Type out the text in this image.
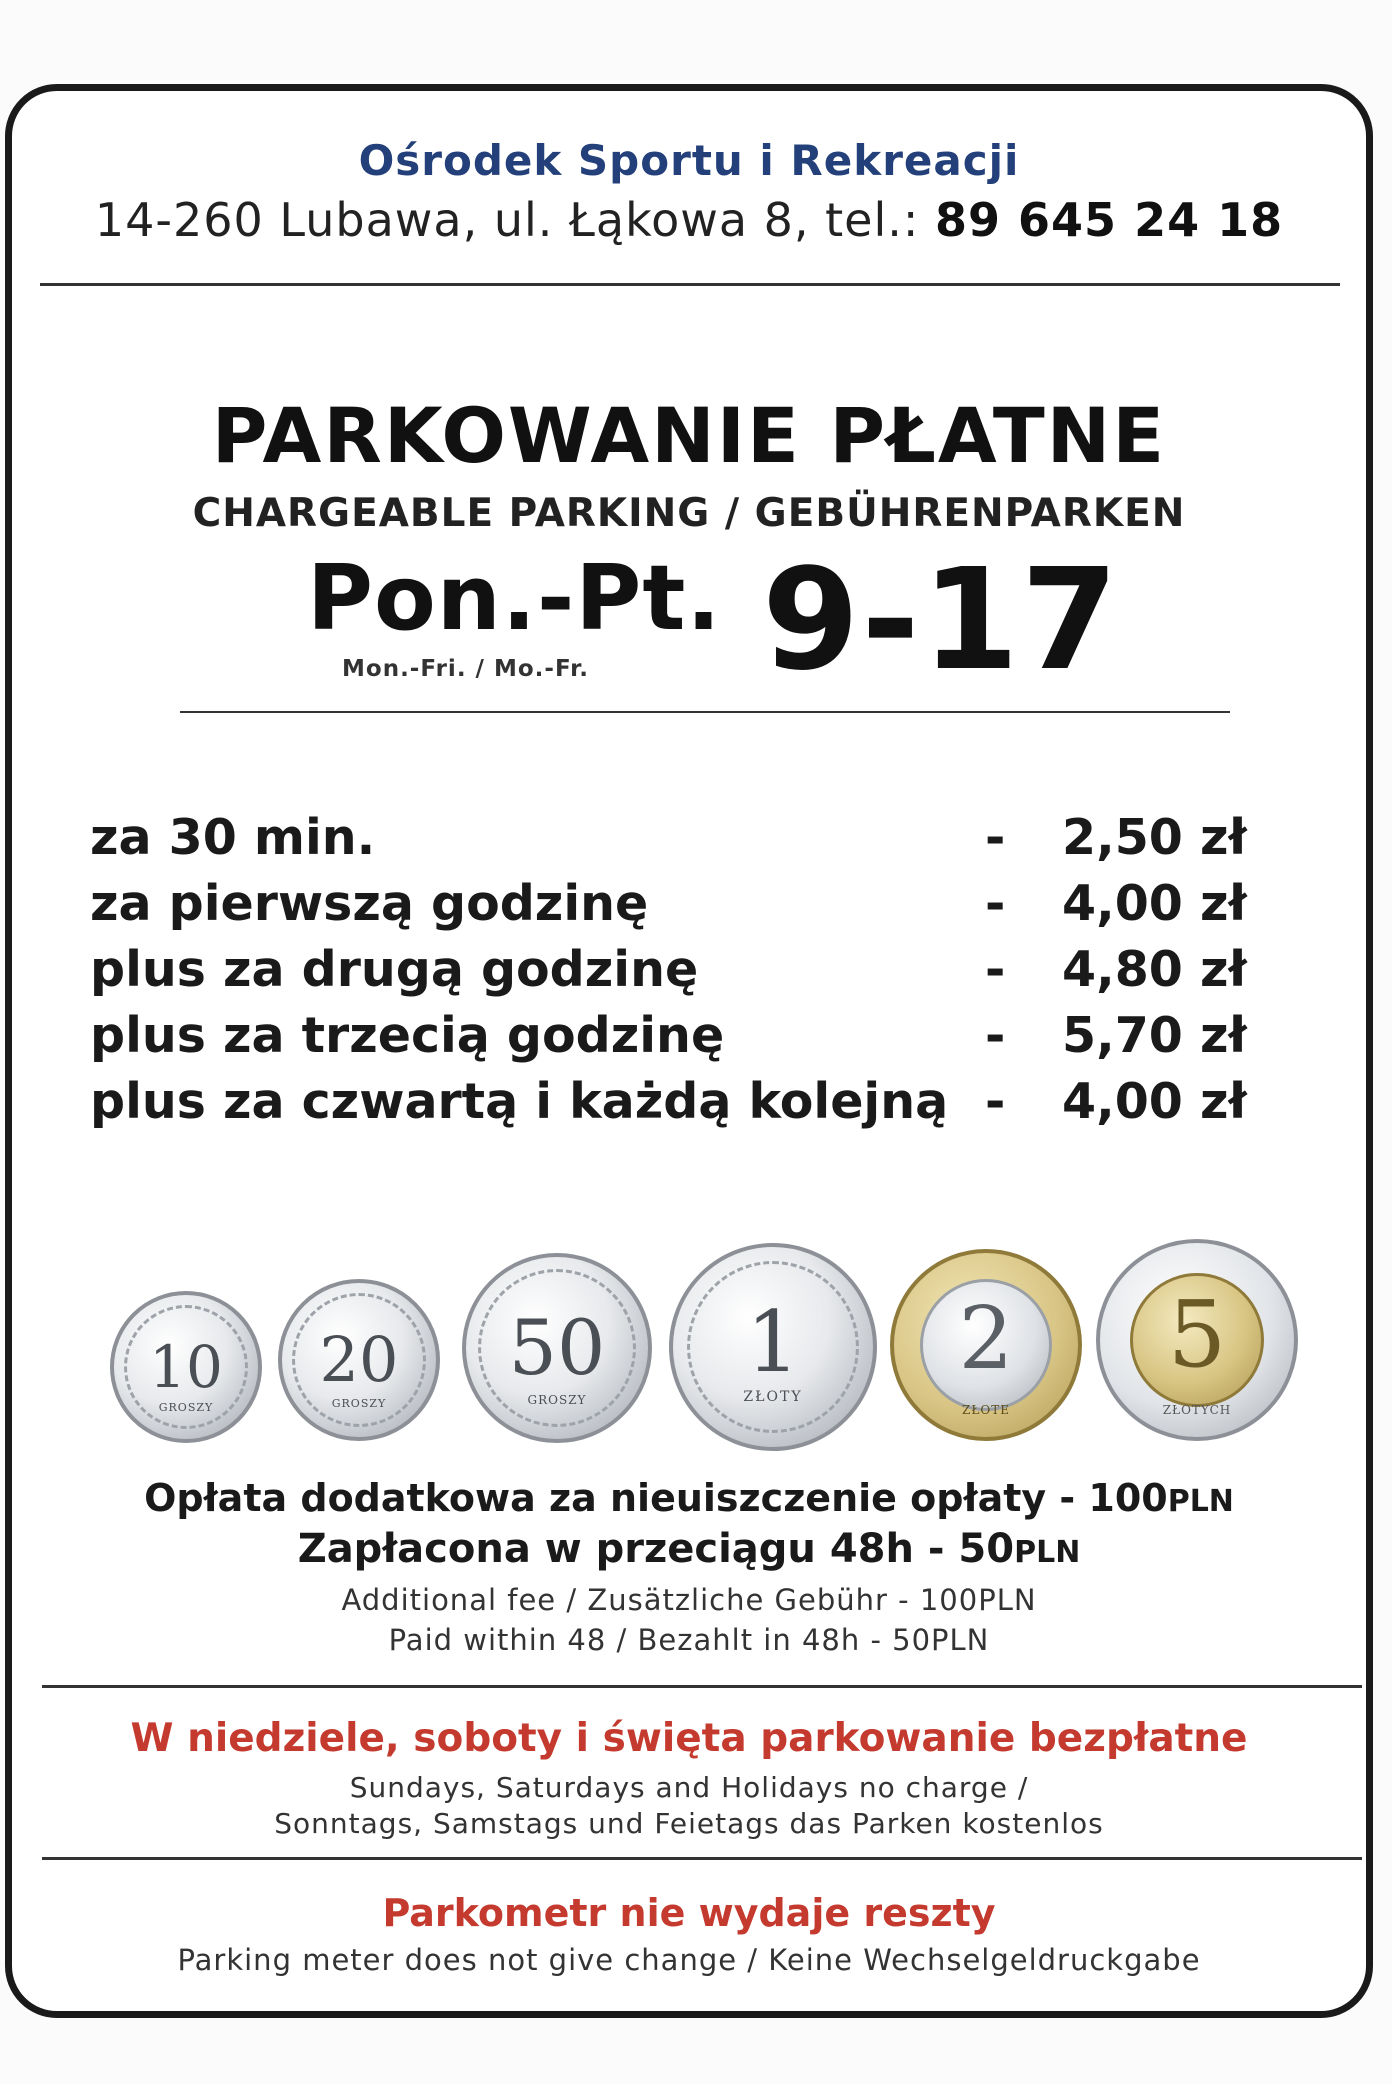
Ośrodek Sportu i Rekreacji
14-260 Lubawa, ul. Łąkowa 8, tel.: 89 645 24 18
PARKOWANIE PŁATNE
CHARGEABLE PARKING / GEBÜHRENPARKEN
Pon.-Pt.
Mon.-Fri. / Mo.-Fr. 9-17
za 30 min.	- 2,50 zł
za pierwszą godzinę	- 4,00 zł
plus za drugą godzinę	- 4,80 zł
plus za trzecią godzinę	- 5,70 zł
plus za czwartą i każdą kolejną - 4,00 zł
10
GROSZY
20
GROSZY
50
GROSZY
1
ZŁOTY
2
ZŁOTE
5
ZŁOTYCH
Opłata dodatkowa za nieuiszczenie opłaty - 100PLN
Zapłacona w przeciągu 48h - 50PLN
Additional fee / Zusätzliche Gebühr - 100PLN
Paid within 48 / Bezahlt in 48h - 50PLN
W niedziele, soboty i święta parkowanie bezpłatne
Sundays, Saturdays and Holidays no charge /
Sonntags, Samstags und Feietags das Parken kostenlos
Parkometr nie wydaje reszty
Parking meter does not give change / Keine Wechselgeldruckgabe
